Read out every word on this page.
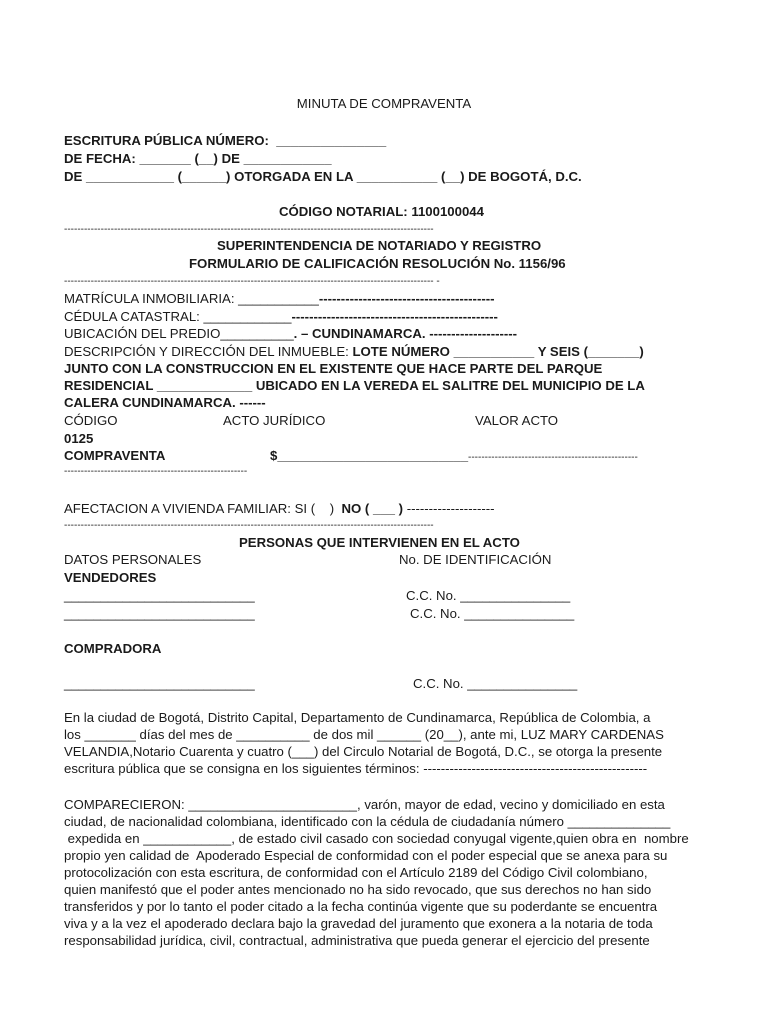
MINUTA DE COMPRAVENTA
ESCRITURA PÚBLICA NÚMERO:  _______________
DE FECHA: _______ (__) DE ____________
DE ____________ (______) OTORGADA EN LA ___________ (__) DE BOGOTÁ, D.C.
CÓDIGO NOTARIAL: 1100100044
---------------------------------------------------------------------------------------------------------------
SUPERINTENDENCIA DE NOTARIADO Y REGISTRO
FORMULARIO DE CALIFICACIÓN RESOLUCIÓN No. 1156/96
--------------------------------------------------------------------------------------------------------------- -
MATRÍCULA INMOBILIARIA: ___________----------------------------------------
CÉDULA CATASTRAL: ____________-----------------------------------------------
UBICACIÓN DEL PREDIO__________. – CUNDINAMARCA. --------------------
DESCRIPCIÓN Y DIRECCIÓN DEL INMUEBLE: LOTE NÚMERO ___________ Y SEIS (_______)
JUNTO CON LA CONSTRUCCION EN EL EXISTENTE QUE HACE PARTE DEL PARQUE
RESIDENCIAL _____________ UBICADO EN LA VEREDA EL SALITRE DEL MUNICIPIO DE LA
CALERA CUNDINAMARCA. ------
CÓDIGO	ACTO JURÍDICO	VALOR ACTO
0125
COMPRAVENTA	$__________________________ ---------------------------------------------------
-------------------------------------------------------
AFECTACION A VIVIENDA FAMILIAR: SI (    )  NO ( ___ ) --------------------
---------------------------------------------------------------------------------------------------------------
PERSONAS QUE INTERVIENEN EN EL ACTO
DATOS PERSONALES	No. DE IDENTIFICACIÓN
VENDEDORES
__________________________	C.C. No. _______________
__________________________	C.C. No. _______________
COMPRADORA
__________________________	C.C. No. _______________
En la ciudad de Bogotá, Distrito Capital, Departamento de Cundinamarca, República de Colombia, a
los _______ días del mes de __________ de dos mil ______ (20__), ante mi, LUZ MARY CARDENAS
VELANDIA,Notario Cuarenta y cuatro (___) del Circulo Notarial de Bogotá, D.C., se otorga la presente
escritura pública que se consigna en los siguientes términos: ---------------------------------------------------
COMPARECIERON: _______________________, varón, mayor de edad, vecino y domiciliado en esta
ciudad, de nacionalidad colombiana, identificado con la cédula de ciudadanía número ______________
expedida en ____________, de estado civil casado con sociedad conyugal vigente,quien obra en  nombre
propio yen calidad de  Apoderado Especial de conformidad con el poder especial que se anexa para su
protocolización con esta escritura, de conformidad con el Artículo 2189 del Código Civil colombiano,
quien manifestó que el poder antes mencionado no ha sido revocado, que sus derechos no han sido
transferidos y por lo tanto el poder citado a la fecha continúa vigente que su poderdante se encuentra
viva y a la vez el apoderado declara bajo la gravedad del juramento que exonera a la notaria de toda
responsabilidad jurídica, civil, contractual, administrativa que pueda generar el ejercicio del presente
